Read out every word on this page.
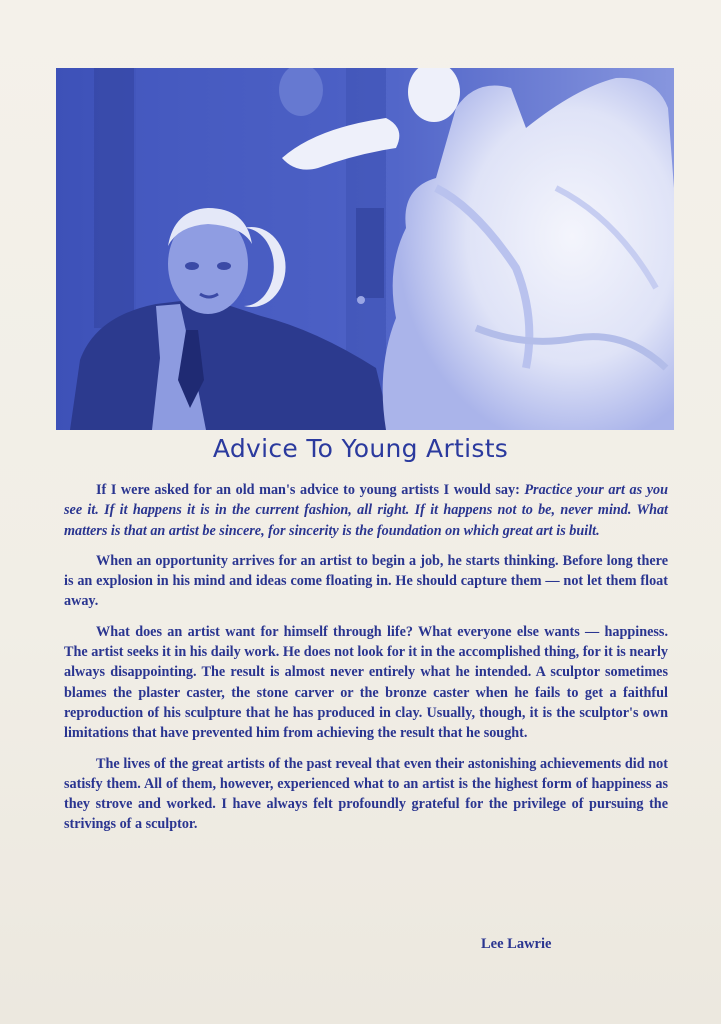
Advice To Young Artists

If I were asked for an old man's advice to young artists I would say: Practice your art as you see it. If it happens it is in the current fashion, all right. If it happens not to be, never mind. What matters is that an artist be sincere, for sincerity is the foundation on which great art is built.

When an opportunity arrives for an artist to begin a job, he starts thinking. Before long there is an explosion in his mind and ideas come floating in. He should capture them — not let them float away.

What does an artist want for himself through life? What everyone else wants — happiness. The artist seeks it in his daily work. He does not look for it in the accomplished thing, for it is nearly always disappointing. The result is almost never entirely what he intended. A sculptor sometimes blames the plaster caster, the stone carver or the bronze caster when he fails to get a faithful reproduction of his sculpture that he has produced in clay. Usually, though, it is the sculptor's own limitations that have prevented him from achieving the result that he sought.

The lives of the great artists of the past reveal that even their astonishing achievements did not satisfy them. All of them, however, experienced what to an artist is the highest form of happiness as they strove and worked. I have always felt profoundly grateful for the privilege of pursuing the strivings of a sculptor.

Lee Lawrie
